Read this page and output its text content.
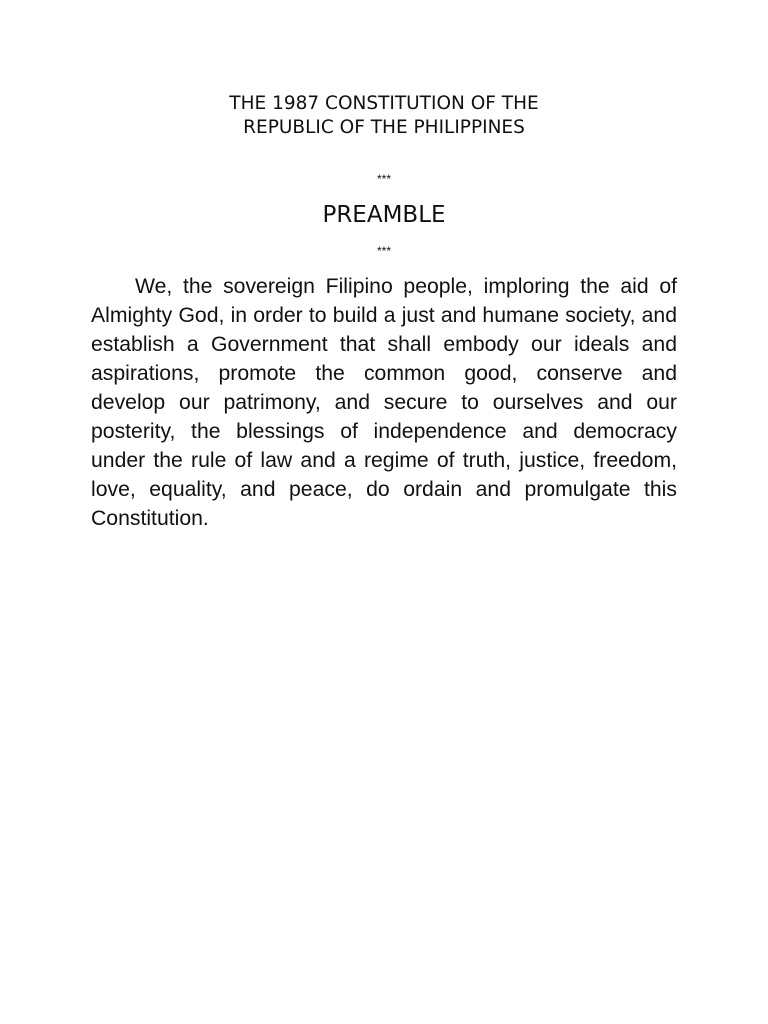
THE 1987 CONSTITUTION OF THE
REPUBLIC OF THE PHILIPPINES
***
PREAMBLE
***

We, the sovereign Filipino people, imploring the aid of Almighty God, in order to build a just and humane society, and establish a Government that shall embody our ideals and aspirations, promote the common good, conserve and develop our patrimony, and secure to ourselves and our posterity, the blessings of independence and democracy under the rule of law and a regime of truth, justice, freedom, love, equality, and peace, do ordain and promulgate this Constitution.
